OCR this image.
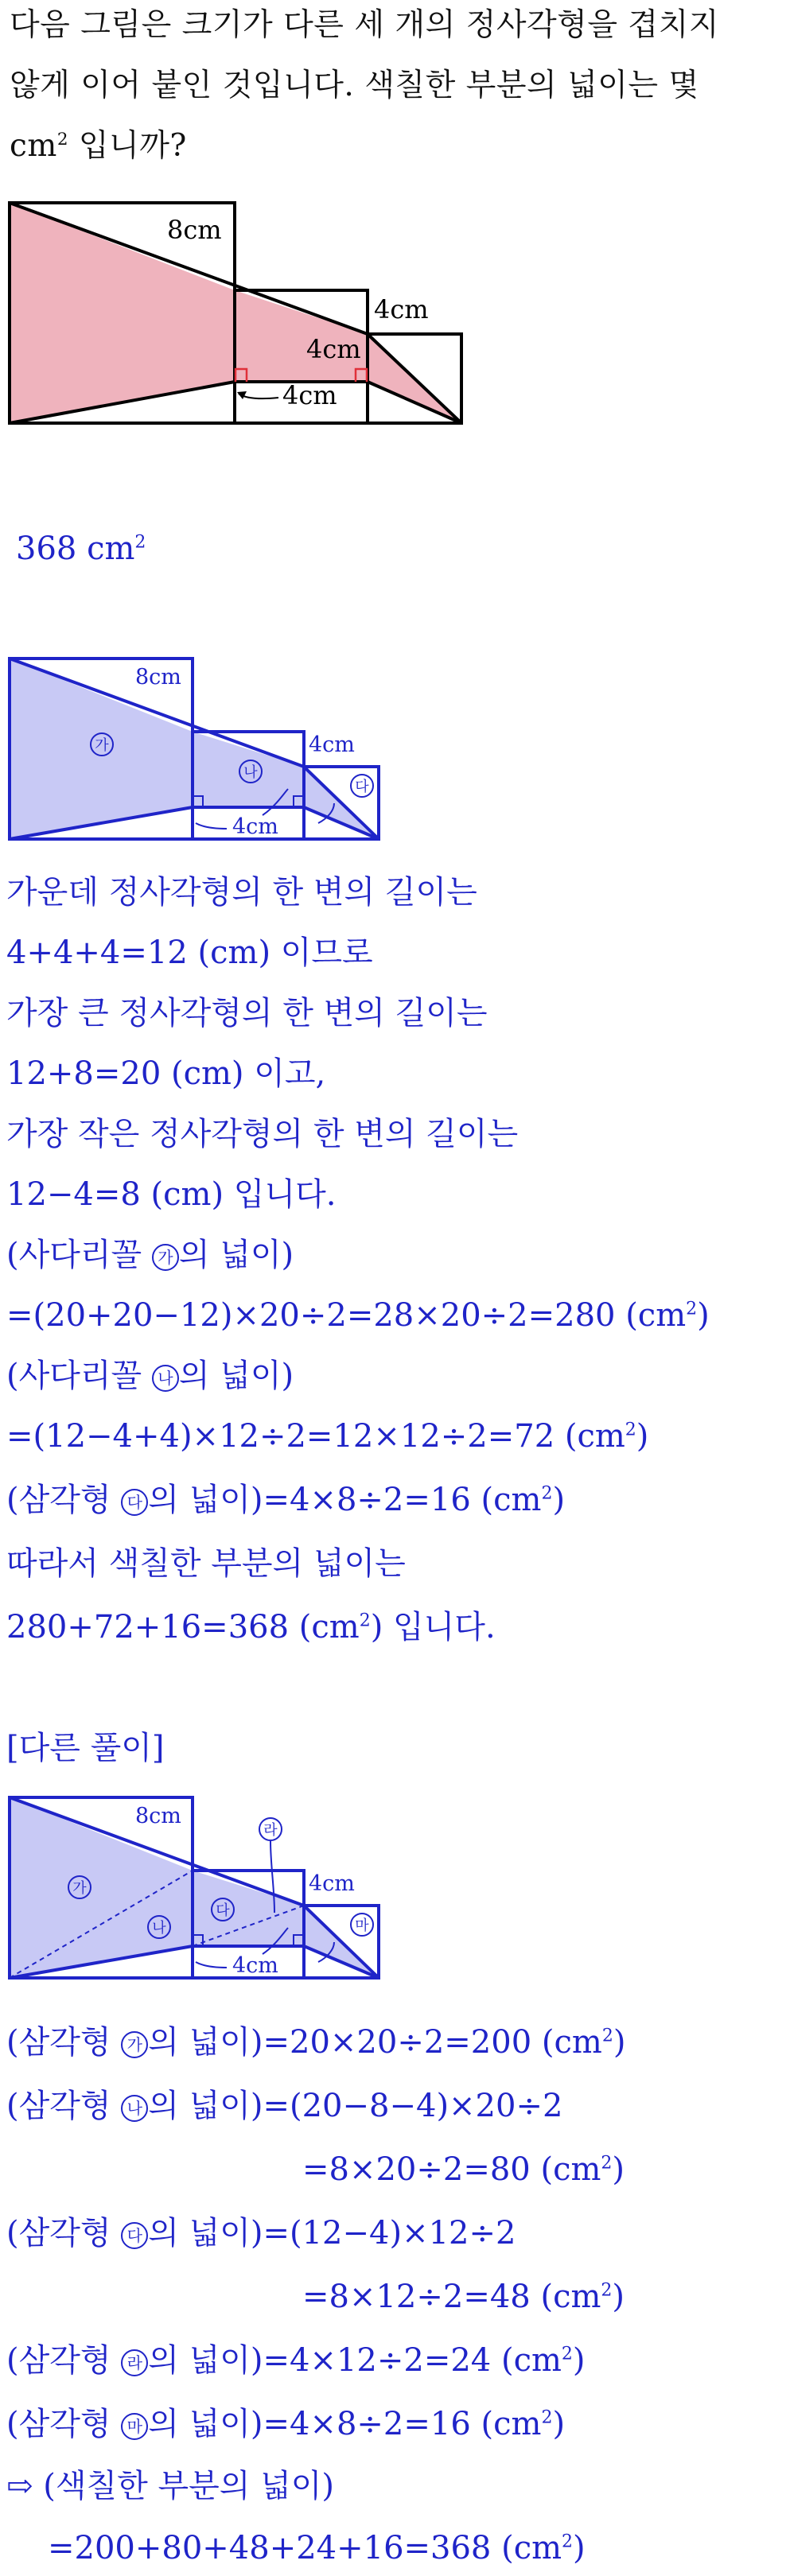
다음 그림은 크기가 다른 세 개의 정사각형을 겹치지
않게 이어 붙인 것입니다. 색칠한 부분의 넓이는 몇
$cm^2$ 입니까?
8cm
4cm
4cm
4cm
368 $cm^2$
8cm
4cm
4cm
가
나
다
가운데 정사각형의 한 변의 길이는
4+4+4=12 (cm) 이므로
가장 큰 정사각형의 한 변의 길이는
12+8=20 (cm) 이고,
가장 작은 정사각형의 한 변의 길이는
12−4=8 (cm) 입니다.
(사다리꼴 가 의 넓이)
=(20+20−12)×20÷2=28×20÷2=280 $(cm^2)$
(사다리꼴 나 의 넓이)
=(12−4+4)×12÷2=12×12÷2=72 $(cm^2)$
(삼각형 다 의 넓이)=4×8÷2=16 $(cm^2)$
따라서 색칠한 부분의 넓이는
280+72+16=368 $(cm^2)$ 입니다.
[다른 풀이]
8cm
4cm
4cm
가
나
다
라
마
(삼각형 가 의 넓이)=20×20÷2=200 $(cm^2)$
(삼각형 나 의 넓이)=(20−8−4)×20÷2
=8×20÷2=80 $(cm^2)$
(삼각형 다 의 넓이)=(12−4)×12÷2
=8×12÷2=48 $(cm^2)$
(삼각형 라 의 넓이)=4×12÷2=24 $(cm^2)$
(삼각형 마 의 넓이)=4×8÷2=16 $(cm^2)$
⇨ (색칠한 부분의 넓이)
=200+80+48+24+16=368 $(cm^2)$
